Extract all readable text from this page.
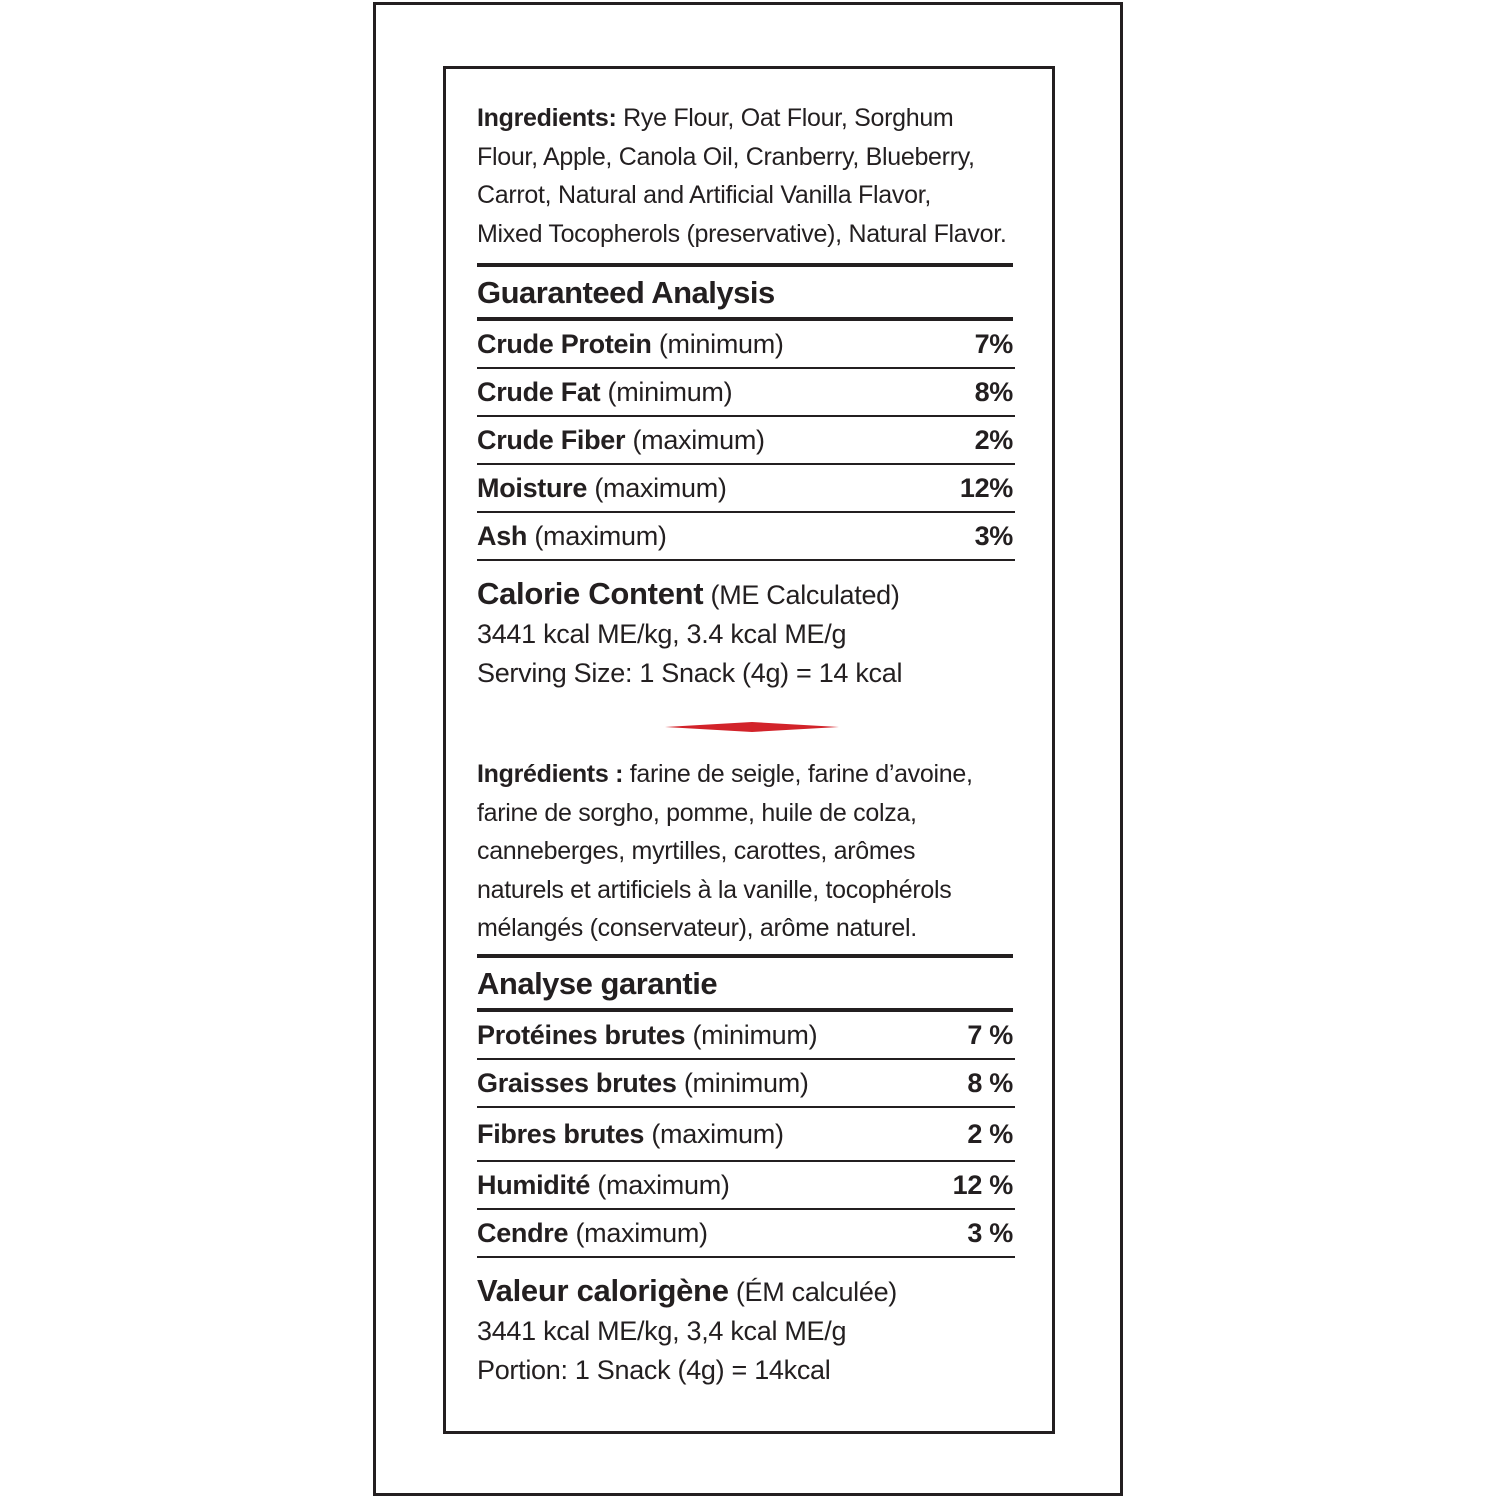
Ingredients: Rye Flour, Oat Flour, Sorghum
Flour, Apple, Canola Oil, Cranberry, Blueberry,
Carrot, Natural and Artificial Vanilla Flavor,
Mixed Tocopherols (preservative), Natural Flavor.

Guaranteed Analysis
Crude Protein (minimum)	7%
Crude Fat (minimum)	8%
Crude Fiber (maximum)	2%
Moisture (maximum)	12%
Ash (maximum)	3%
Calorie Content (ME Calculated)
3441 kcal ME/kg, 3.4 kcal ME/g
Serving Size: 1 Snack (4g) = 14 kcal

Ingrédients : farine de seigle, farine d’avoine,
farine de sorgho, pomme, huile de colza,
canneberges, myrtilles, carottes, arômes
naturels et artificiels à la vanille, tocophérols
mélangés (conservateur), arôme naturel.

Analyse garantie
Protéines brutes (minimum)	7 %
Graisses brutes (minimum)	8 %
Fibres brutes (maximum)	2 %
Humidité (maximum)	12 %
Cendre (maximum)	3 %
Valeur calorigène (ÉM calculée)
3441 kcal ME/kg, 3,4 kcal ME/g
Portion: 1 Snack (4g) = 14kcal
